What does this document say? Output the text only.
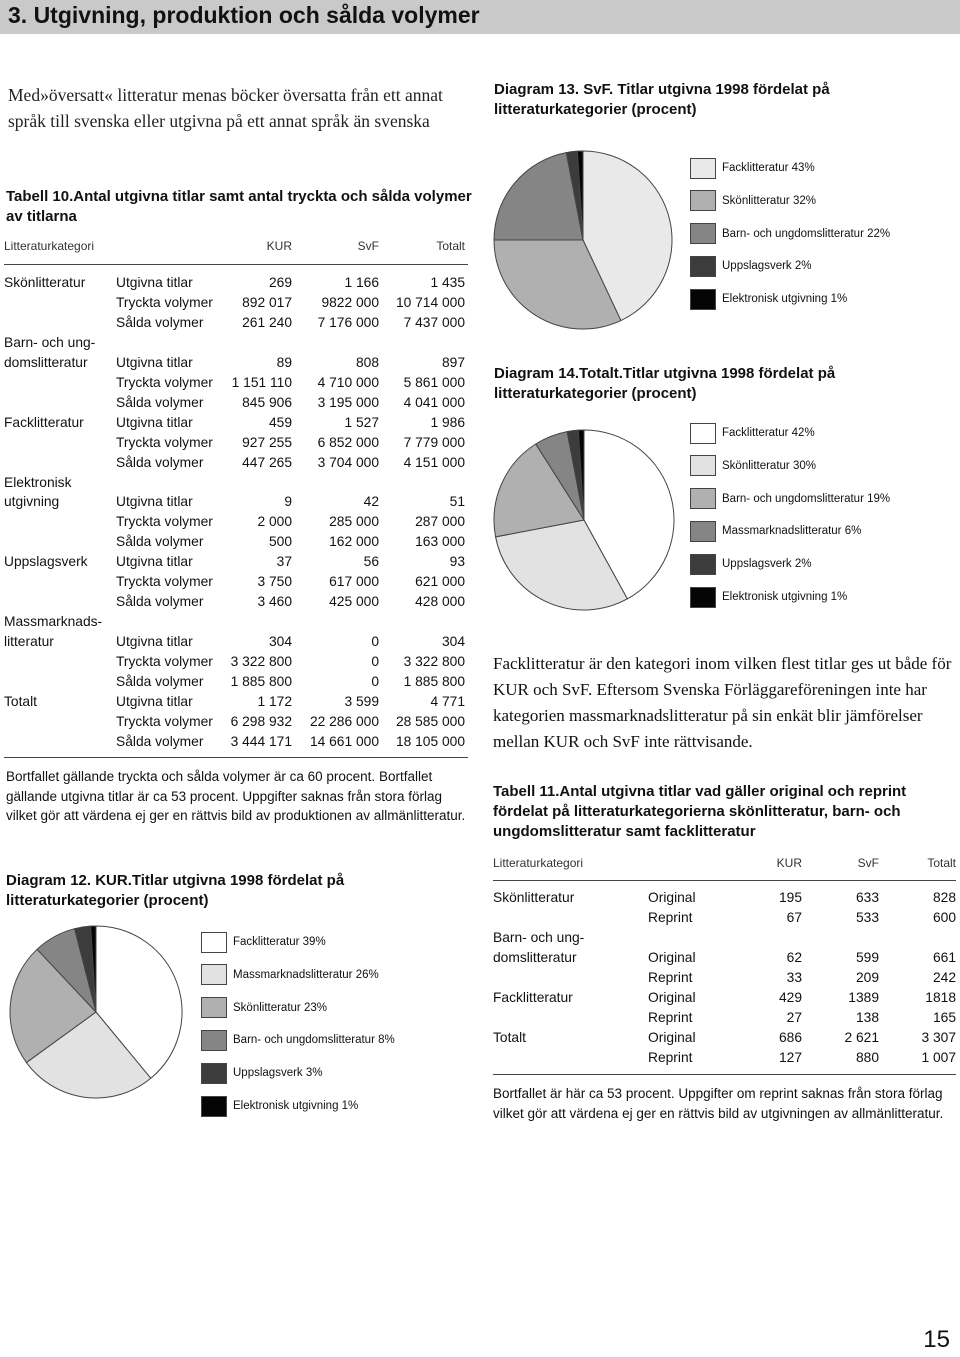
3. Utgivning, produktion och sålda volymer
Med»översatt« litteratur menas böcker översatta från ett annat språk till svenska eller utgivna på ett annat språk än svenska
Tabell 10.Antal utgivna titlar samt antal tryckta och sålda volymer av titlarna
Litteraturkategori	KUR	SvF	Totalt
Skönlitteratur Utgivna titlar	269	1 166	1 435
Tryckta volymer	892 017	9822 000	10 714 000
Sålda volymer	261 240	7 176 000	7 437 000
Barn- och ung-
domslitteratur Utgivna titlar	89	808	897
Tryckta volymer	1 151 110	4 710 000	5 861 000
Sålda volymer	845 906	3 195 000	4 041 000
Facklitteratur Utgivna titlar	459	1 527	1 986
Tryckta volymer	927 255	6 852 000	7 779 000
Sålda volymer	447 265	3 704 000	4 151 000
Elektronisk
utgivning	Utgivna titlar	9	42	51
Tryckta volymer	2 000	285 000	287 000
Sålda volymer	500	162 000	163 000
Uppslagsverk Utgivna titlar	37	56	93
Tryckta volymer	3 750	617 000	621 000
Sålda volymer	3 460	425 000	428 000
Massmarknads-
litteratur	Utgivna titlar	304	0	304
Tryckta volymer	3 322 800	0	3 322 800
Sålda volymer	1 885 800	0	1 885 800
Totalt	Utgivna titlar	1 172	3 599	4 771
Tryckta volymer	6 298 932	22 286 000	28 585 000
Sålda volymer	3 444 171	14 661 000	18 105 000
Bortfallet gällande tryckta och sålda volymer är ca 60 procent. Bortfallet gällande utgivna titlar är ca 53 procent. Uppgifter saknas från stora förlag vilket gör att värdena ej ger en rättvis bild av produktionen av allmänlitteratur.
Diagram 12. KUR.Titlar utgivna 1998 fördelat på litteraturkategorier (procent)
Facklitteratur 39%
Massmarknadslitteratur 26%
Skönlitteratur 23%
Barn- och ungdomslitteratur 8%
Uppslagsverk 3%
Elektronisk utgivning 1%
Diagram 13. SvF. Titlar utgivna 1998 fördelat på litteraturkategorier (procent)
Facklitteratur 43%
Skönlitteratur 32%
Barn- och ungdomslitteratur 22%
Uppslagsverk 2%
Elektronisk utgivning 1%
Diagram 14.Totalt.Titlar utgivna 1998 fördelat på litteraturkategorier (procent)
Facklitteratur 42%
Skönlitteratur 30%
Barn- och ungdomslitteratur 19%
Massmarknadslitteratur 6%
Uppslagsverk 2%
Elektronisk utgivning 1%
Facklitteratur är den kategori inom vilken flest titlar ges ut både för KUR och SvF. Eftersom Svenska Förläggareföreningen inte har kategorien massmarknadslitteratur på sin enkät blir jämförelser mellan KUR och SvF inte rättvisande.
Tabell 11.Antal utgivna titlar vad gäller original och reprint fördelat på litteraturkategorierna skönlitteratur, barn- och ungdomslitteratur samt facklitteratur
Litteraturkategori	KUR	SvF	Totalt
Skönlitteratur	Original	195	633	828
Reprint	67	533	600
Barn- och ung-
domslitteratur	Original	62	599	661
Reprint	33	209	242
Facklitteratur	Original	429	1389	1818
Reprint	27	138	165
Totalt	Original	686	2 621	3 307
Reprint	127	880	1 007
Bortfallet är här ca 53 procent. Uppgifter om reprint saknas från stora förlag vilket gör att värdena ej ger en rättvis bild av utgivningen av allmänlitteratur.
15
